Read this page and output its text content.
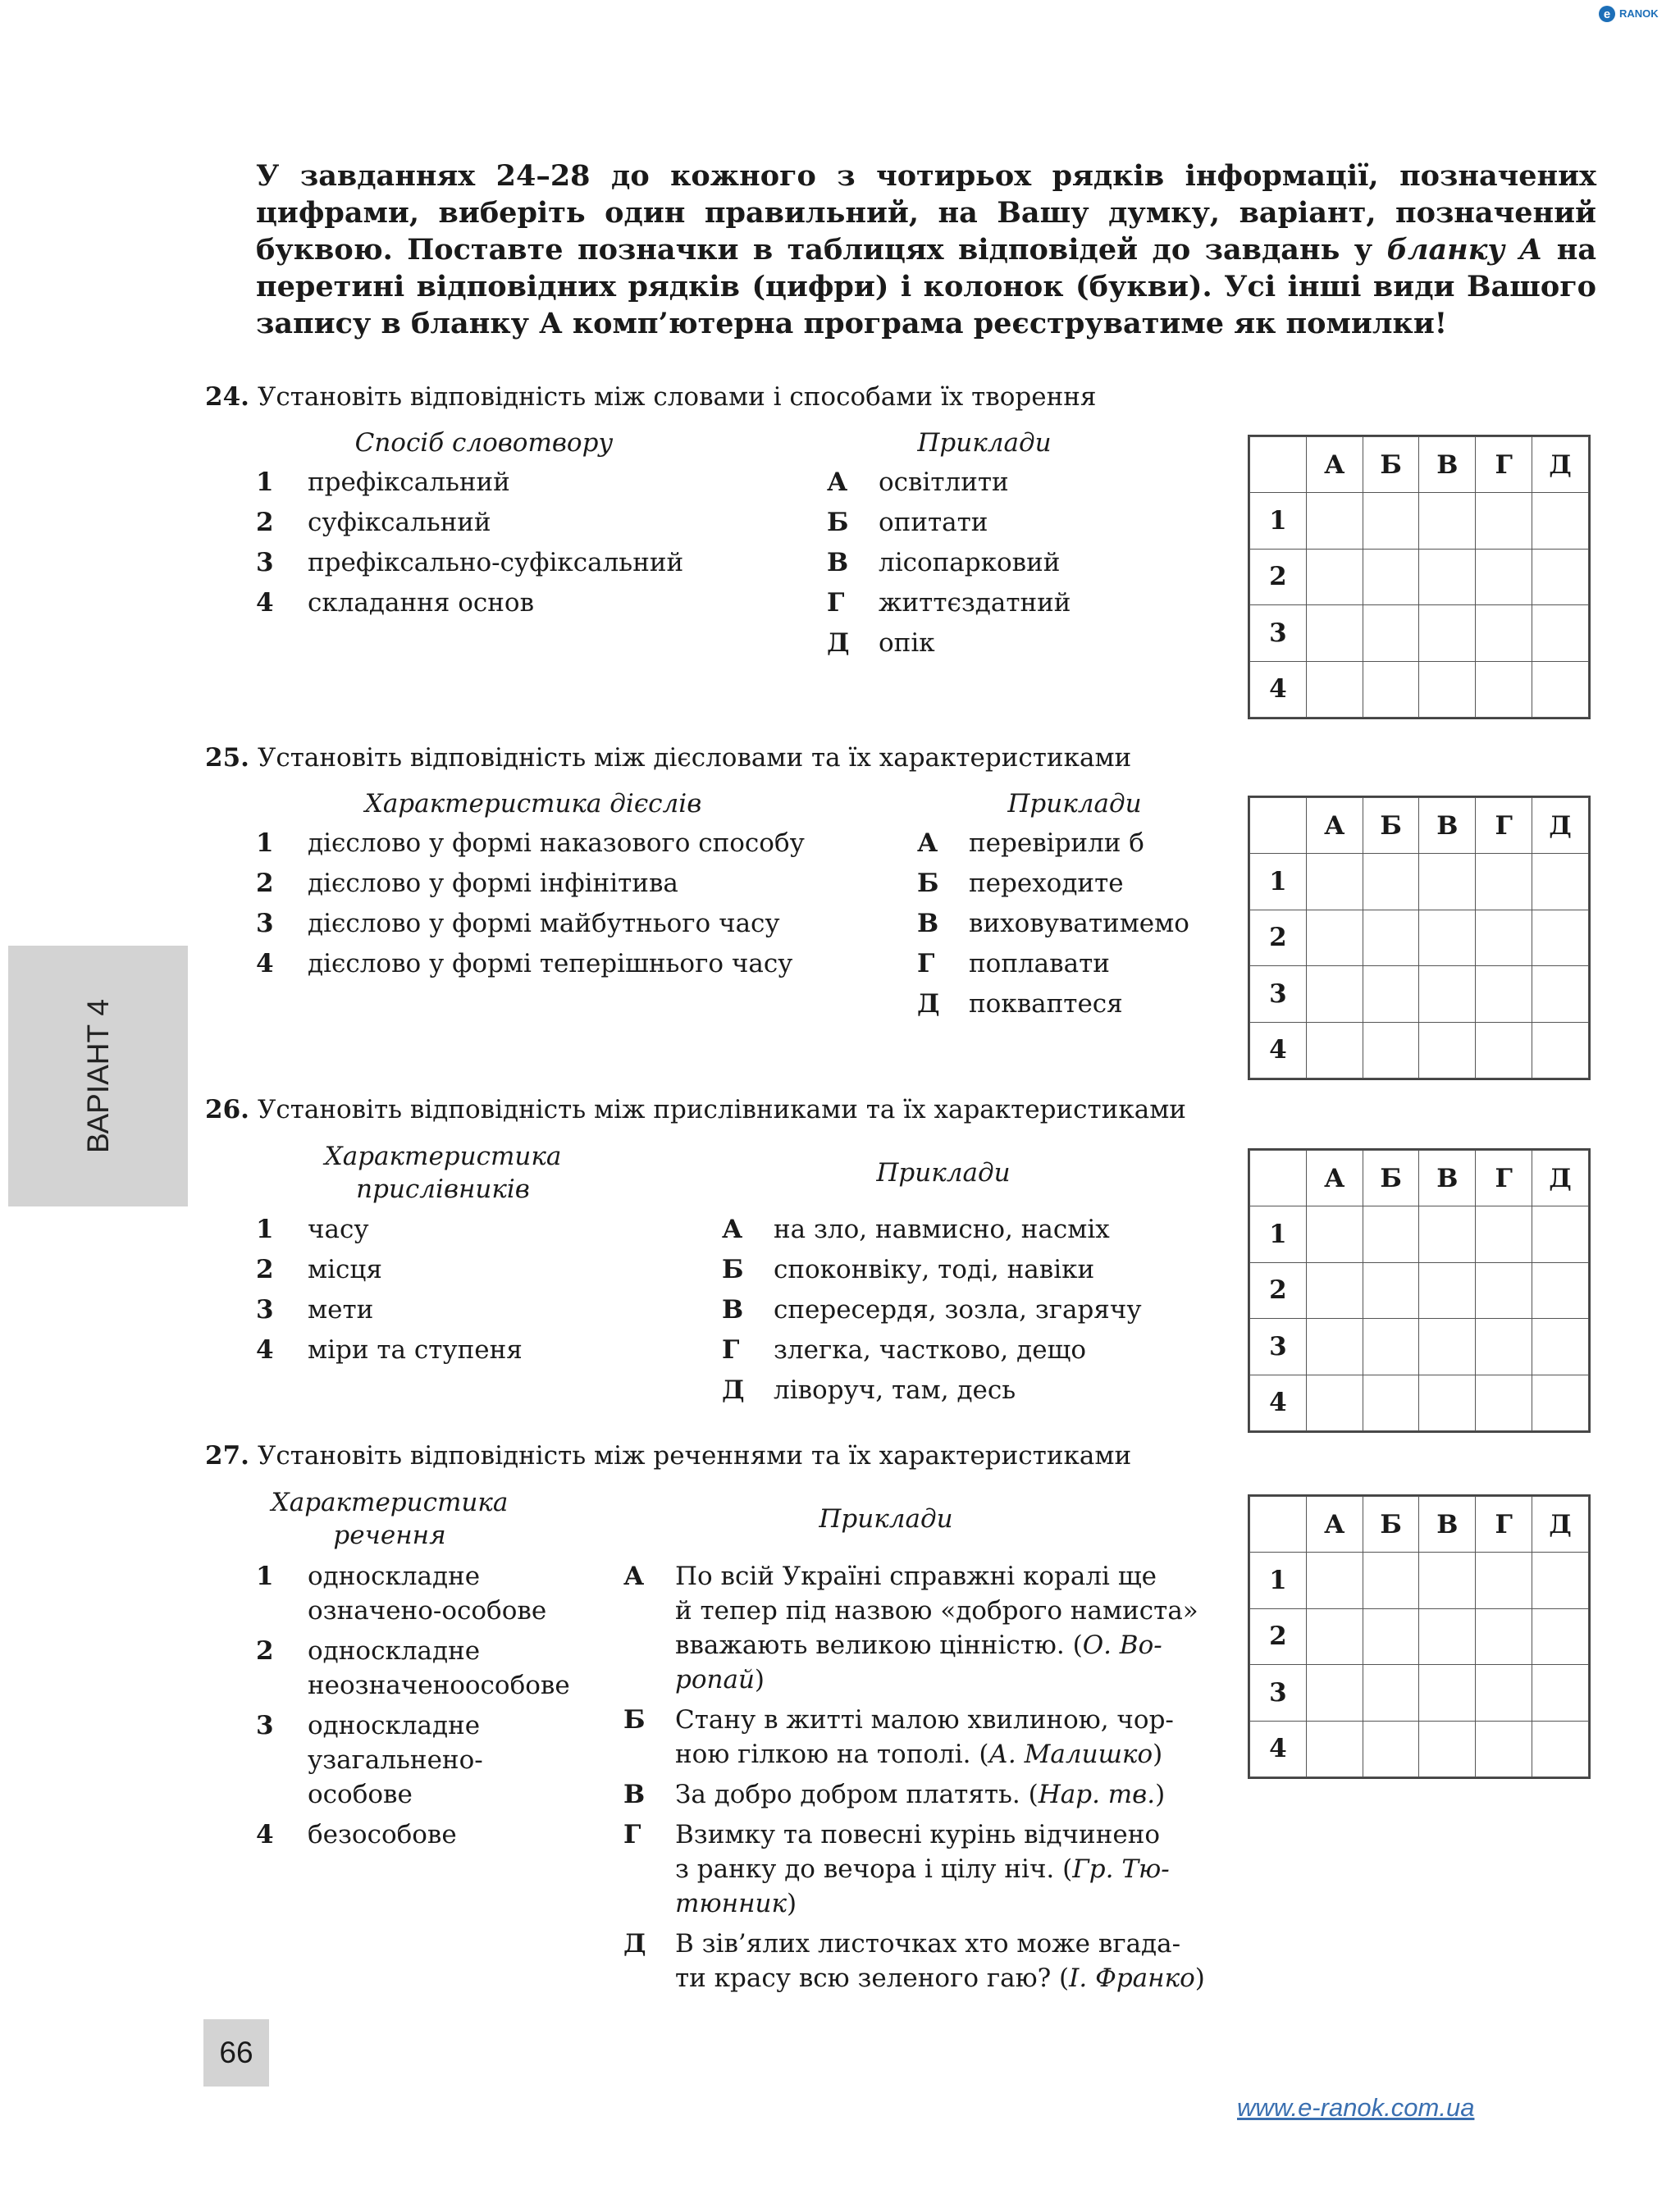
e RANOK
У завданнях 24–28 до кожного з чотирьох рядків інформації, позначених цифрами, виберіть один правильний, на Вашу думку, варіант, позначений буквою. Поставте позначки в таблицях відповідей до завдань у бланку А на перетині відповідних рядків (цифри) і колонок (букви). Усі інші види Вашого запису в бланку А комп’ютерна програма реєструватиме як помилки!
24. Установіть відповідність між словами і способами їх творення
Спосіб словотвору	Приклади
1 префіксальний
2 суфіксальний
3 префіксально-суфіксальний
4 складання основ
А освітлити
Б опитати
В лісопарковий
Г життєздатний
Д опік
	А	Б	В	Г	Д
1					
2					
3					
4					
25. Установіть відповідність між дієсловами та їх характеристиками
Характеристика дієслів	Приклади
1 дієслово у формі наказового способу
2 дієслово у формі інфінітива
3 дієслово у формі майбутнього часу
4 дієслово у формі теперішнього часу
А перевірили б
Б переходите
В виховуватимемо
Г поплавати
Д покваптеся
	А	Б	В	Г	Д
1					
2					
3					
4					
26. Установіть відповідність між прислівниками та їх характеристиками
Характеристика
прислівників
Приклади
1 часу
2 місця
3 мети
4 міри та ступеня
А на зло, навмисно, насміх
Б споконвіку, тоді, навіки
В спересердя, зозла, згарячу
Г злегка, частково, дещо
Д ліворуч, там, десь
	А	Б	В	Г	Д
1					
2					
3					
4					
27. Установіть відповідність між реченнями та їх характеристиками
Характеристика
речення
Приклади
1 односкладне
означено-особове
2 односкладне
неозначеноособове
3 односкладне
узагальнено-
особове
4 безособове
А По всій Україні справжні коралі ще
й тепер під назвою «доброго намиста»
вважають великою цінністю. (О. Во-
ропай)
Б Стану в житті малою хвилиною, чор-
ною гілкою на тополі. (А. Малишко)
В За добро добром платять. (Нар. тв.)
Г Взимку та повесні курінь відчинено
з ранку до вечора і цілу ніч. (Гр. Тю-
тюнник)
Д В зів’ялих листочках хто може вгада-
ти красу всю зеленого гаю? (І. Франко)
	А	Б	В	Г	Д
1					
2					
3					
4					
ВАРІАНТ 4
66
www.e-ranok.com.ua
